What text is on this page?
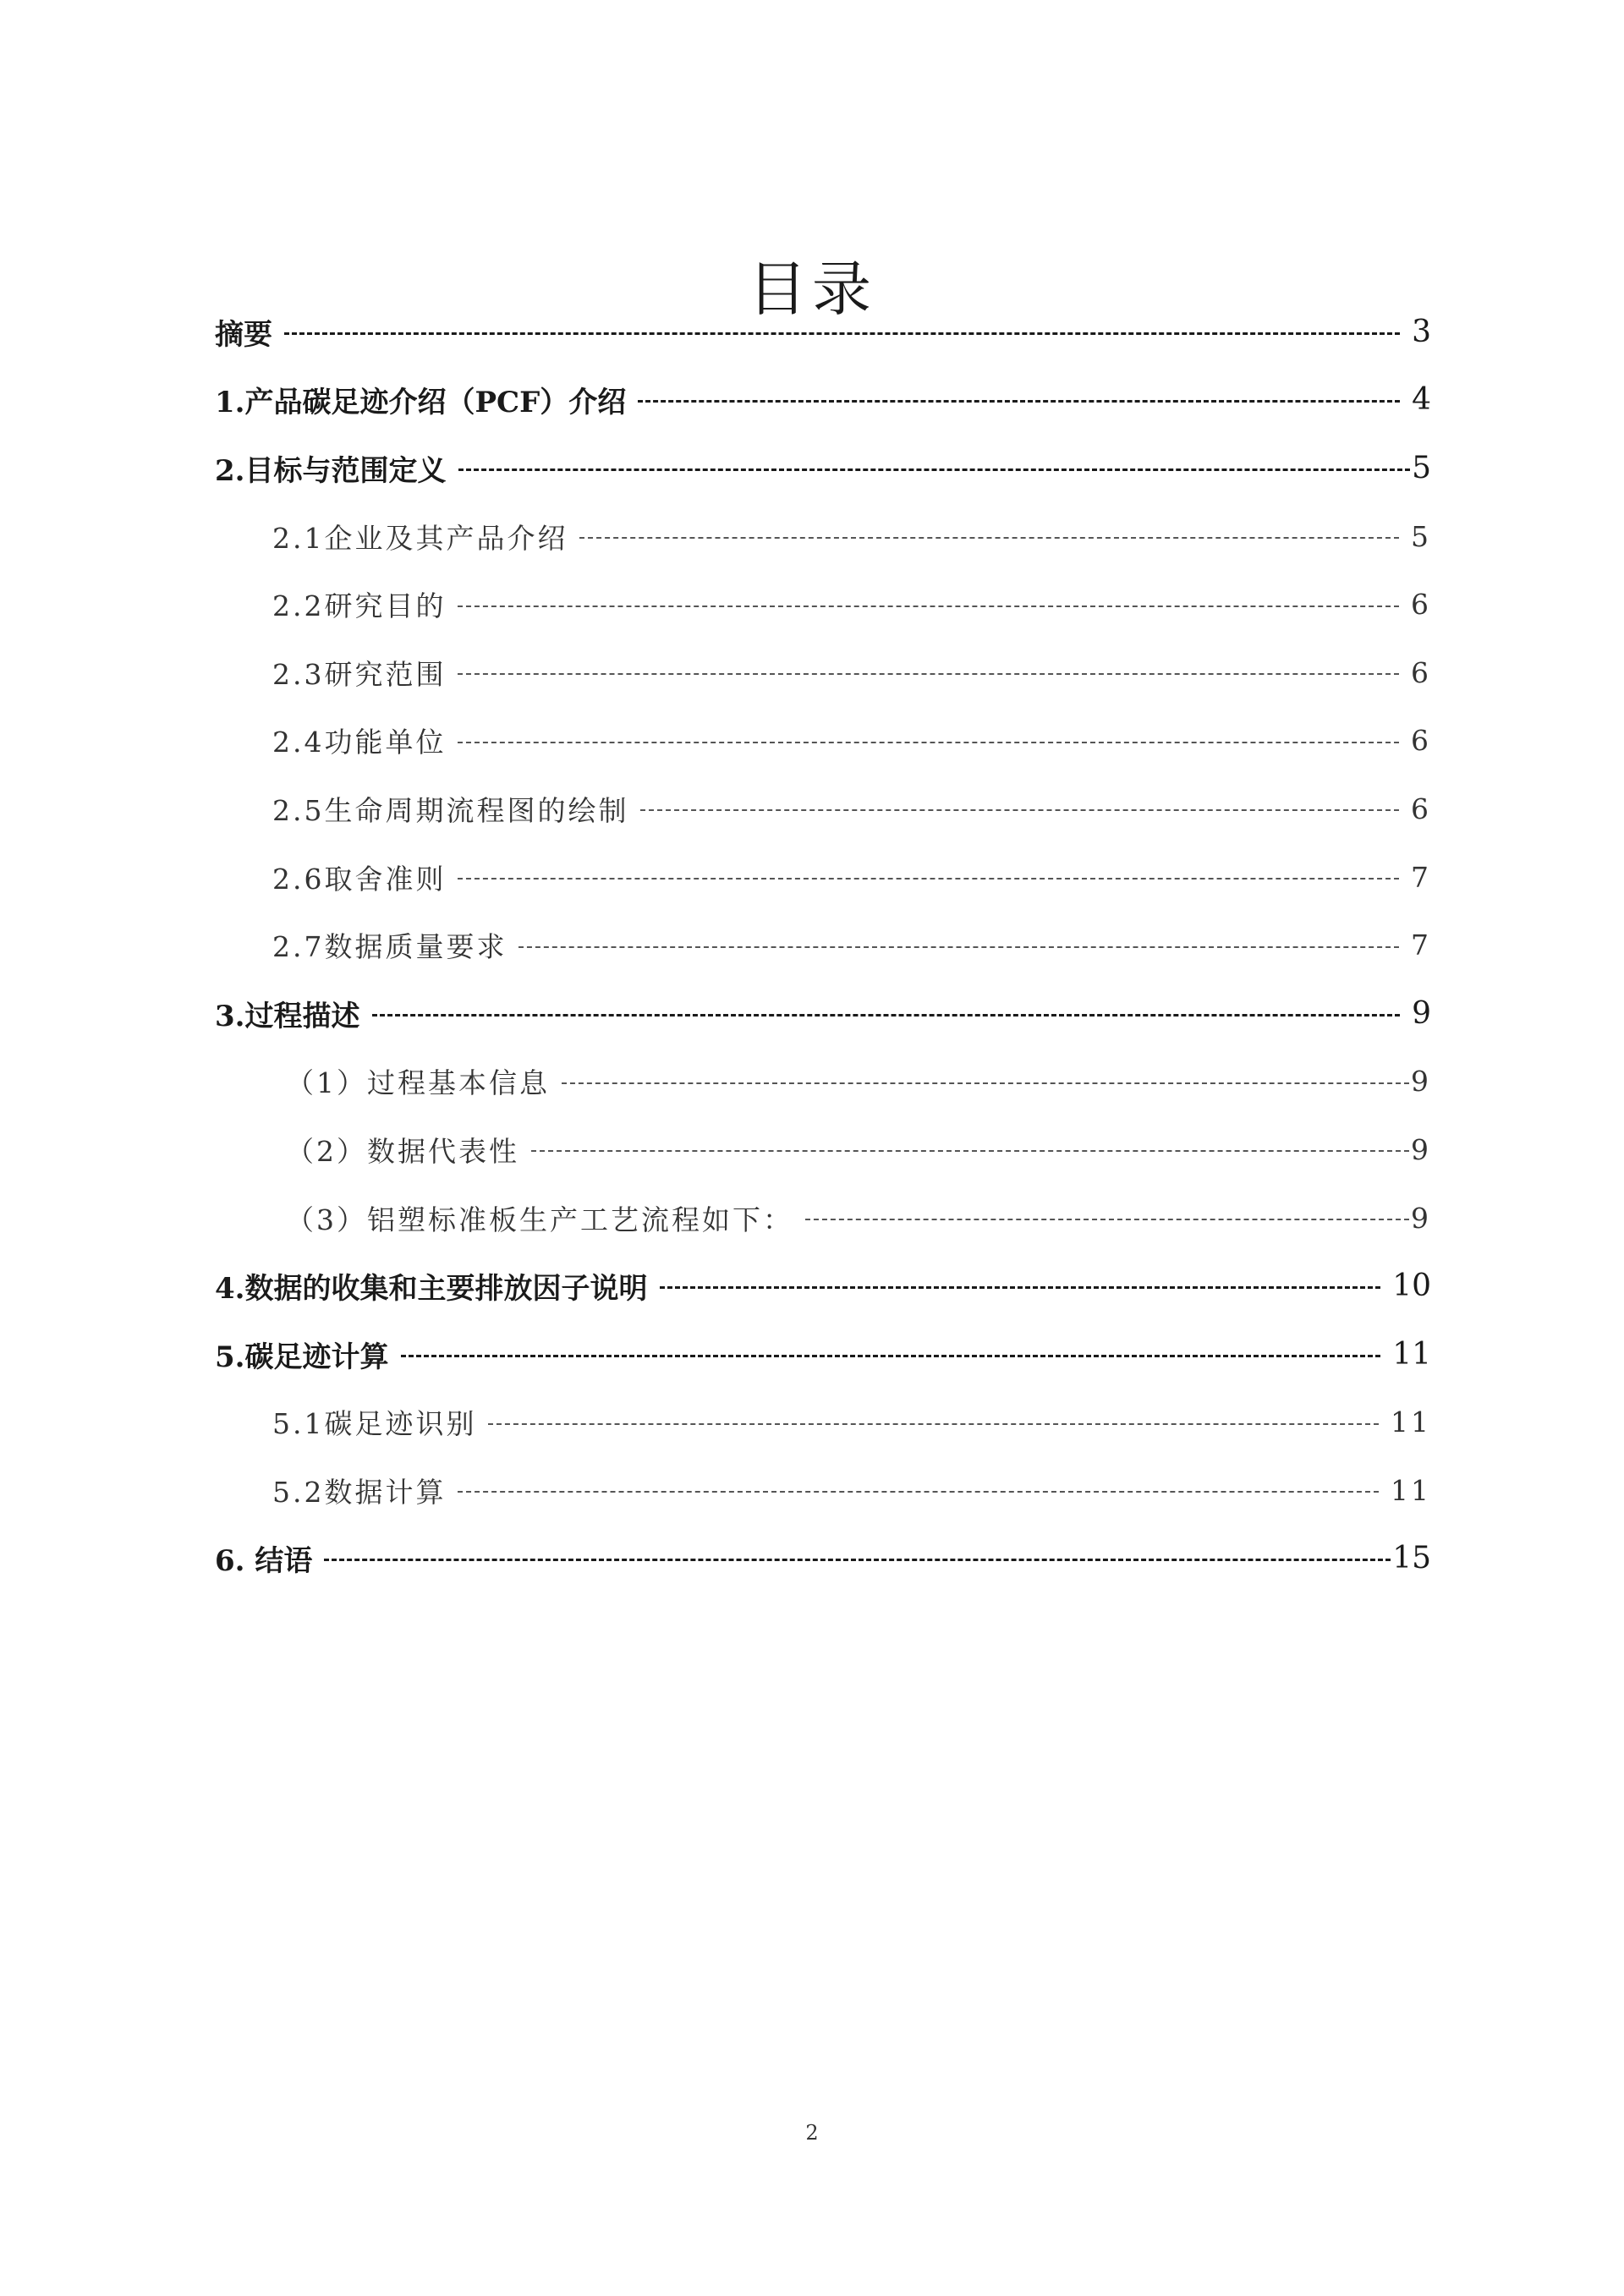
目录
摘要	3
1.产品碳足迹介绍（PCF）介绍	4
2.目标与范围定义	5
2.1企业及其产品介绍	5
2.2研究目的	6
2.3研究范围	6
2.4功能单位	6
2.5生命周期流程图的绘制	6
2.6取舍准则	7
2.7数据质量要求	7
3.过程描述	9
（1）过程基本信息	9
（2）数据代表性	9
（3）铝塑标准板生产工艺流程如下：	9
4.数据的收集和主要排放因子说明	10
5.碳足迹计算	11
5.1碳足迹识别	11
5.2数据计算	11
6. 结语	15
2
